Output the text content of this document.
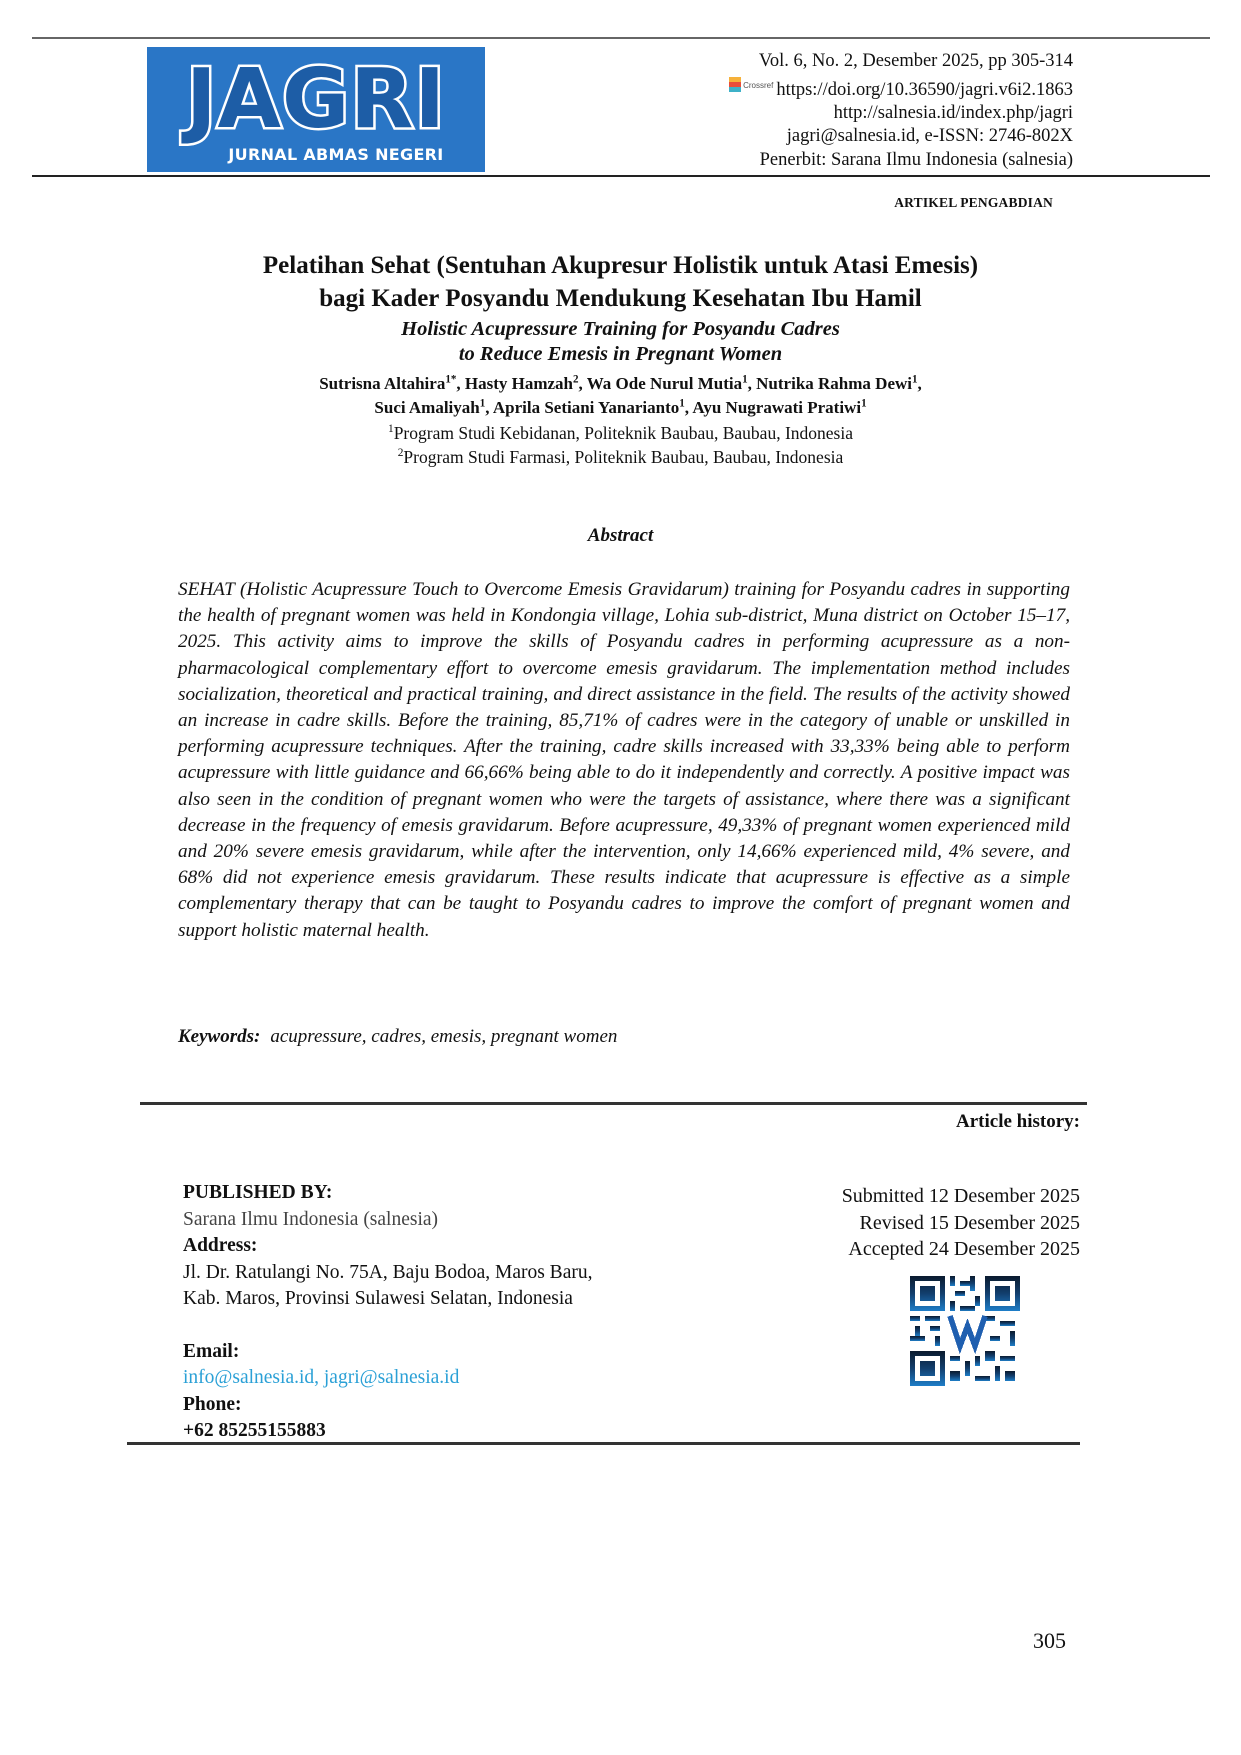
JAGRI
JURNAL ABMAS NEGERI
Vol. 6, No. 2, Desember 2025, pp 305-314
Crossref https://doi.org/10.36590/jagri.v6i2.1863
http://salnesia.id/index.php/jagri
jagri@salnesia.id, e-ISSN: 2746-802X
Penerbit: Sarana Ilmu Indonesia (salnesia)
ARTIKEL PENGABDIAN
Pelatihan Sehat (Sentuhan Akupresur Holistik untuk Atasi Emesis)
bagi Kader Posyandu Mendukung Kesehatan Ibu Hamil
Holistic Acupressure Training for Posyandu Cadres
to Reduce Emesis in Pregnant Women
Sutrisna Altahira$^{1*}$, Hasty Hamzah$^2$, Wa Ode Nurul Mutia$^1$, Nutrika Rahma Dewi$^1$,
Suci Amaliyah$^1$, Aprila Setiani Yanarianto$^1$, Ayu Nugrawati Pratiwi$^1$
$^1$Program Studi Kebidanan, Politeknik Baubau, Baubau, Indonesia
$^2$Program Studi Farmasi, Politeknik Baubau, Baubau, Indonesia
Abstract
SEHAT (Holistic Acupressure Touch to Overcome Emesis Gravidarum) training for Posyandu cadres in supporting the health of pregnant women was held in Kondongia village, Lohia sub-district, Muna district on October 15–17, 2025. This activity aims to improve the skills of Posyandu cadres in performing acupressure as a non-pharmacological complementary effort to overcome emesis gravidarum. The implementation method includes socialization, theoretical and practical training, and direct assistance in the field. The results of the activity showed an increase in cadre skills. Before the training, 85,71% of cadres were in the category of unable or unskilled in performing acupressure techniques. After the training, cadre skills increased with 33,33% being able to perform acupressure with little guidance and 66,66% being able to do it independently and correctly. A positive impact was also seen in the condition of pregnant women who were the targets of assistance, where there was a significant decrease in the frequency of emesis gravidarum. Before acupressure, 49,33% of pregnant women experienced mild and 20% severe emesis gravidarum, while after the intervention, only 14,66% experienced mild, 4% severe, and 68% did not experience emesis gravidarum. These results indicate that acupressure is effective as a simple complementary therapy that can be taught to Posyandu cadres to improve the comfort of pregnant women and support holistic maternal health.
Keywords: acupressure, cadres, emesis, pregnant women
Article history:
PUBLISHED BY:
Sarana Ilmu Indonesia (salnesia)
Address:
Jl. Dr. Ratulangi No. 75A, Baju Bodoa, Maros Baru,
Kab. Maros, Provinsi Sulawesi Selatan, Indonesia
Email:
info@salnesia.id, jagri@salnesia.id
Phone:
+62 85255155883
Submitted 12 Desember 2025
Revised 15 Desember 2025
Accepted 24 Desember 2025
305
